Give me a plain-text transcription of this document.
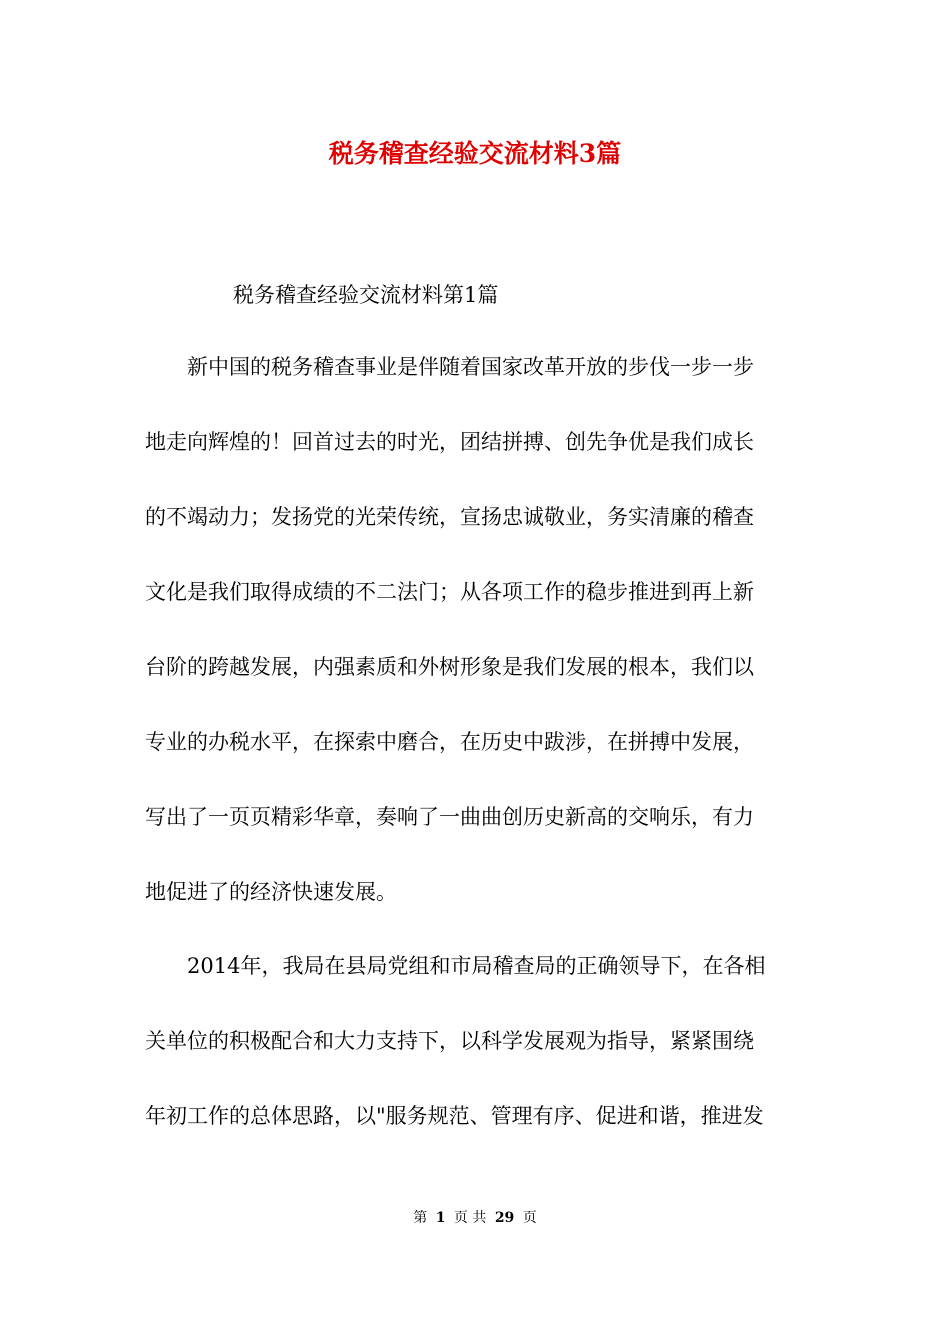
税务稽查经验交流材料3篇
税务稽查经验交流材料第1篇

新中国的税务稽查事业是伴随着国家改革开放的步伐一步一步
地走向辉煌的！回首过去的时光，团结拼搏、创先争优是我们成长
的不竭动力；发扬党的光荣传统，宣扬忠诚敬业，务实清廉的稽查
文化是我们取得成绩的不二法门；从各项工作的稳步推进到再上新
台阶的跨越发展，内强素质和外树形象是我们发展的根本，我们以
专业的办税水平，在探索中磨合，在历史中跋涉，在拼搏中发展，
写出了一页页精彩华章，奏响了一曲曲创历史新高的交响乐，有力
地促进了的经济快速发展。

2014年，我局在县局党组和市局稽查局的正确领导下，在各相
关单位的积极配合和大力支持下，以科学发展观为指导，紧紧围绕
年初工作的总体思路，以"服务规范、管理有序、促进和谐，推进发

第 1 页 共 29 页
